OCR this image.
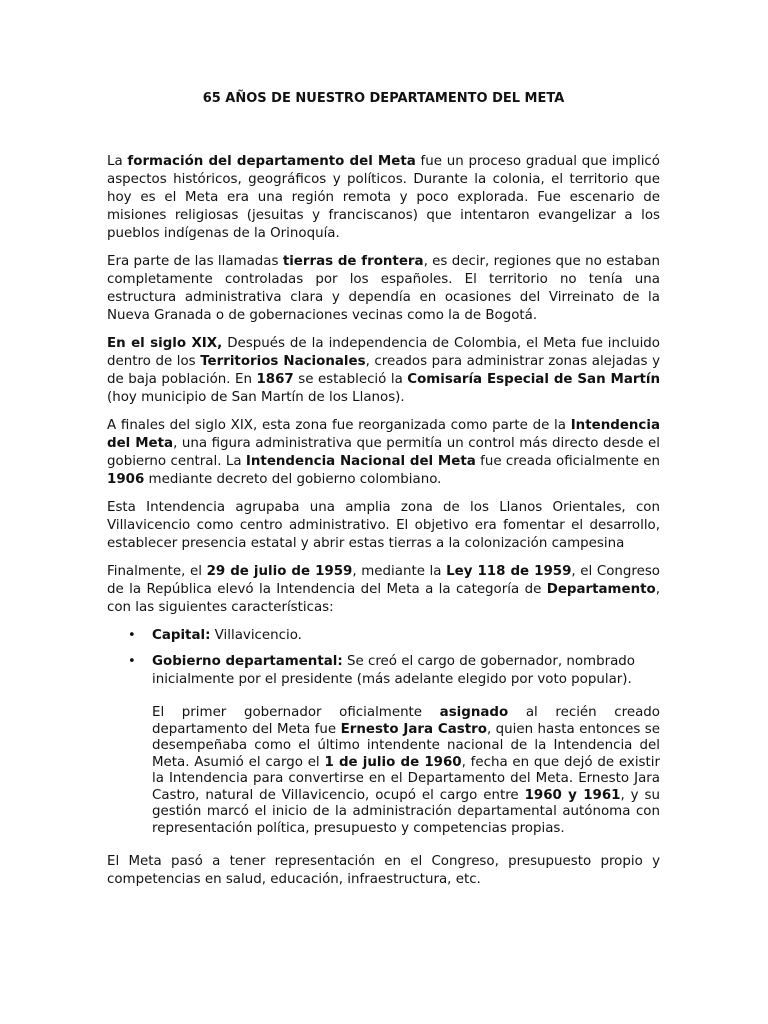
65 AÑOS DE NUESTRO DEPARTAMENTO DEL META

La formación del departamento del Meta fue un proceso gradual que implicó aspectos históricos, geográficos y políticos. Durante la colonia, el territorio que hoy es el Meta era una región remota y poco explorada. Fue escenario de misiones religiosas (jesuitas y franciscanos) que intentaron evangelizar a los pueblos indígenas de la Orinoquía.

Era parte de las llamadas tierras de frontera, es decir, regiones que no estaban completamente controladas por los españoles. El territorio no tenía una estructura administrativa clara y dependía en ocasiones del Virreinato de la Nueva Granada o de gobernaciones vecinas como la de Bogotá.

En el siglo XIX, Después de la independencia de Colombia, el Meta fue incluido dentro de los Territorios Nacionales, creados para administrar zonas alejadas y de baja población. En 1867 se estableció la Comisaría Especial de San Martín (hoy municipio de San Martín de los Llanos).

A finales del siglo XIX, esta zona fue reorganizada como parte de la Intendencia del Meta, una figura administrativa que permitía un control más directo desde el gobierno central. La Intendencia Nacional del Meta fue creada oficialmente en 1906 mediante decreto del gobierno colombiano.

Esta Intendencia agrupaba una amplia zona de los Llanos Orientales, con Villavicencio como centro administrativo. El objetivo era fomentar el desarrollo, establecer presencia estatal y abrir estas tierras a la colonización campesina

Finalmente, el 29 de julio de 1959, mediante la Ley 118 de 1959, el Congreso de la República elevó la Intendencia del Meta a la categoría de Departamento, con las siguientes características:

• Capital: Villavicencio.
• Gobierno departamental: Se creó el cargo de gobernador, nombrado inicialmente por el presidente (más adelante elegido por voto popular).
El primer gobernador oficialmente asignado al recién creado departamento del Meta fue Ernesto Jara Castro, quien hasta entonces se desempeñaba como el último intendente nacional de la Intendencia del Meta. Asumió el cargo el 1 de julio de 1960, fecha en que dejó de existir la Intendencia para convertirse en el Departamento del Meta. Ernesto Jara Castro, natural de Villavicencio, ocupó el cargo entre 1960 y 1961, y su gestión marcó el inicio de la administración departamental autónoma con representación política, presupuesto y competencias propias.

El Meta pasó a tener representación en el Congreso, presupuesto propio y competencias en salud, educación, infraestructura, etc.
